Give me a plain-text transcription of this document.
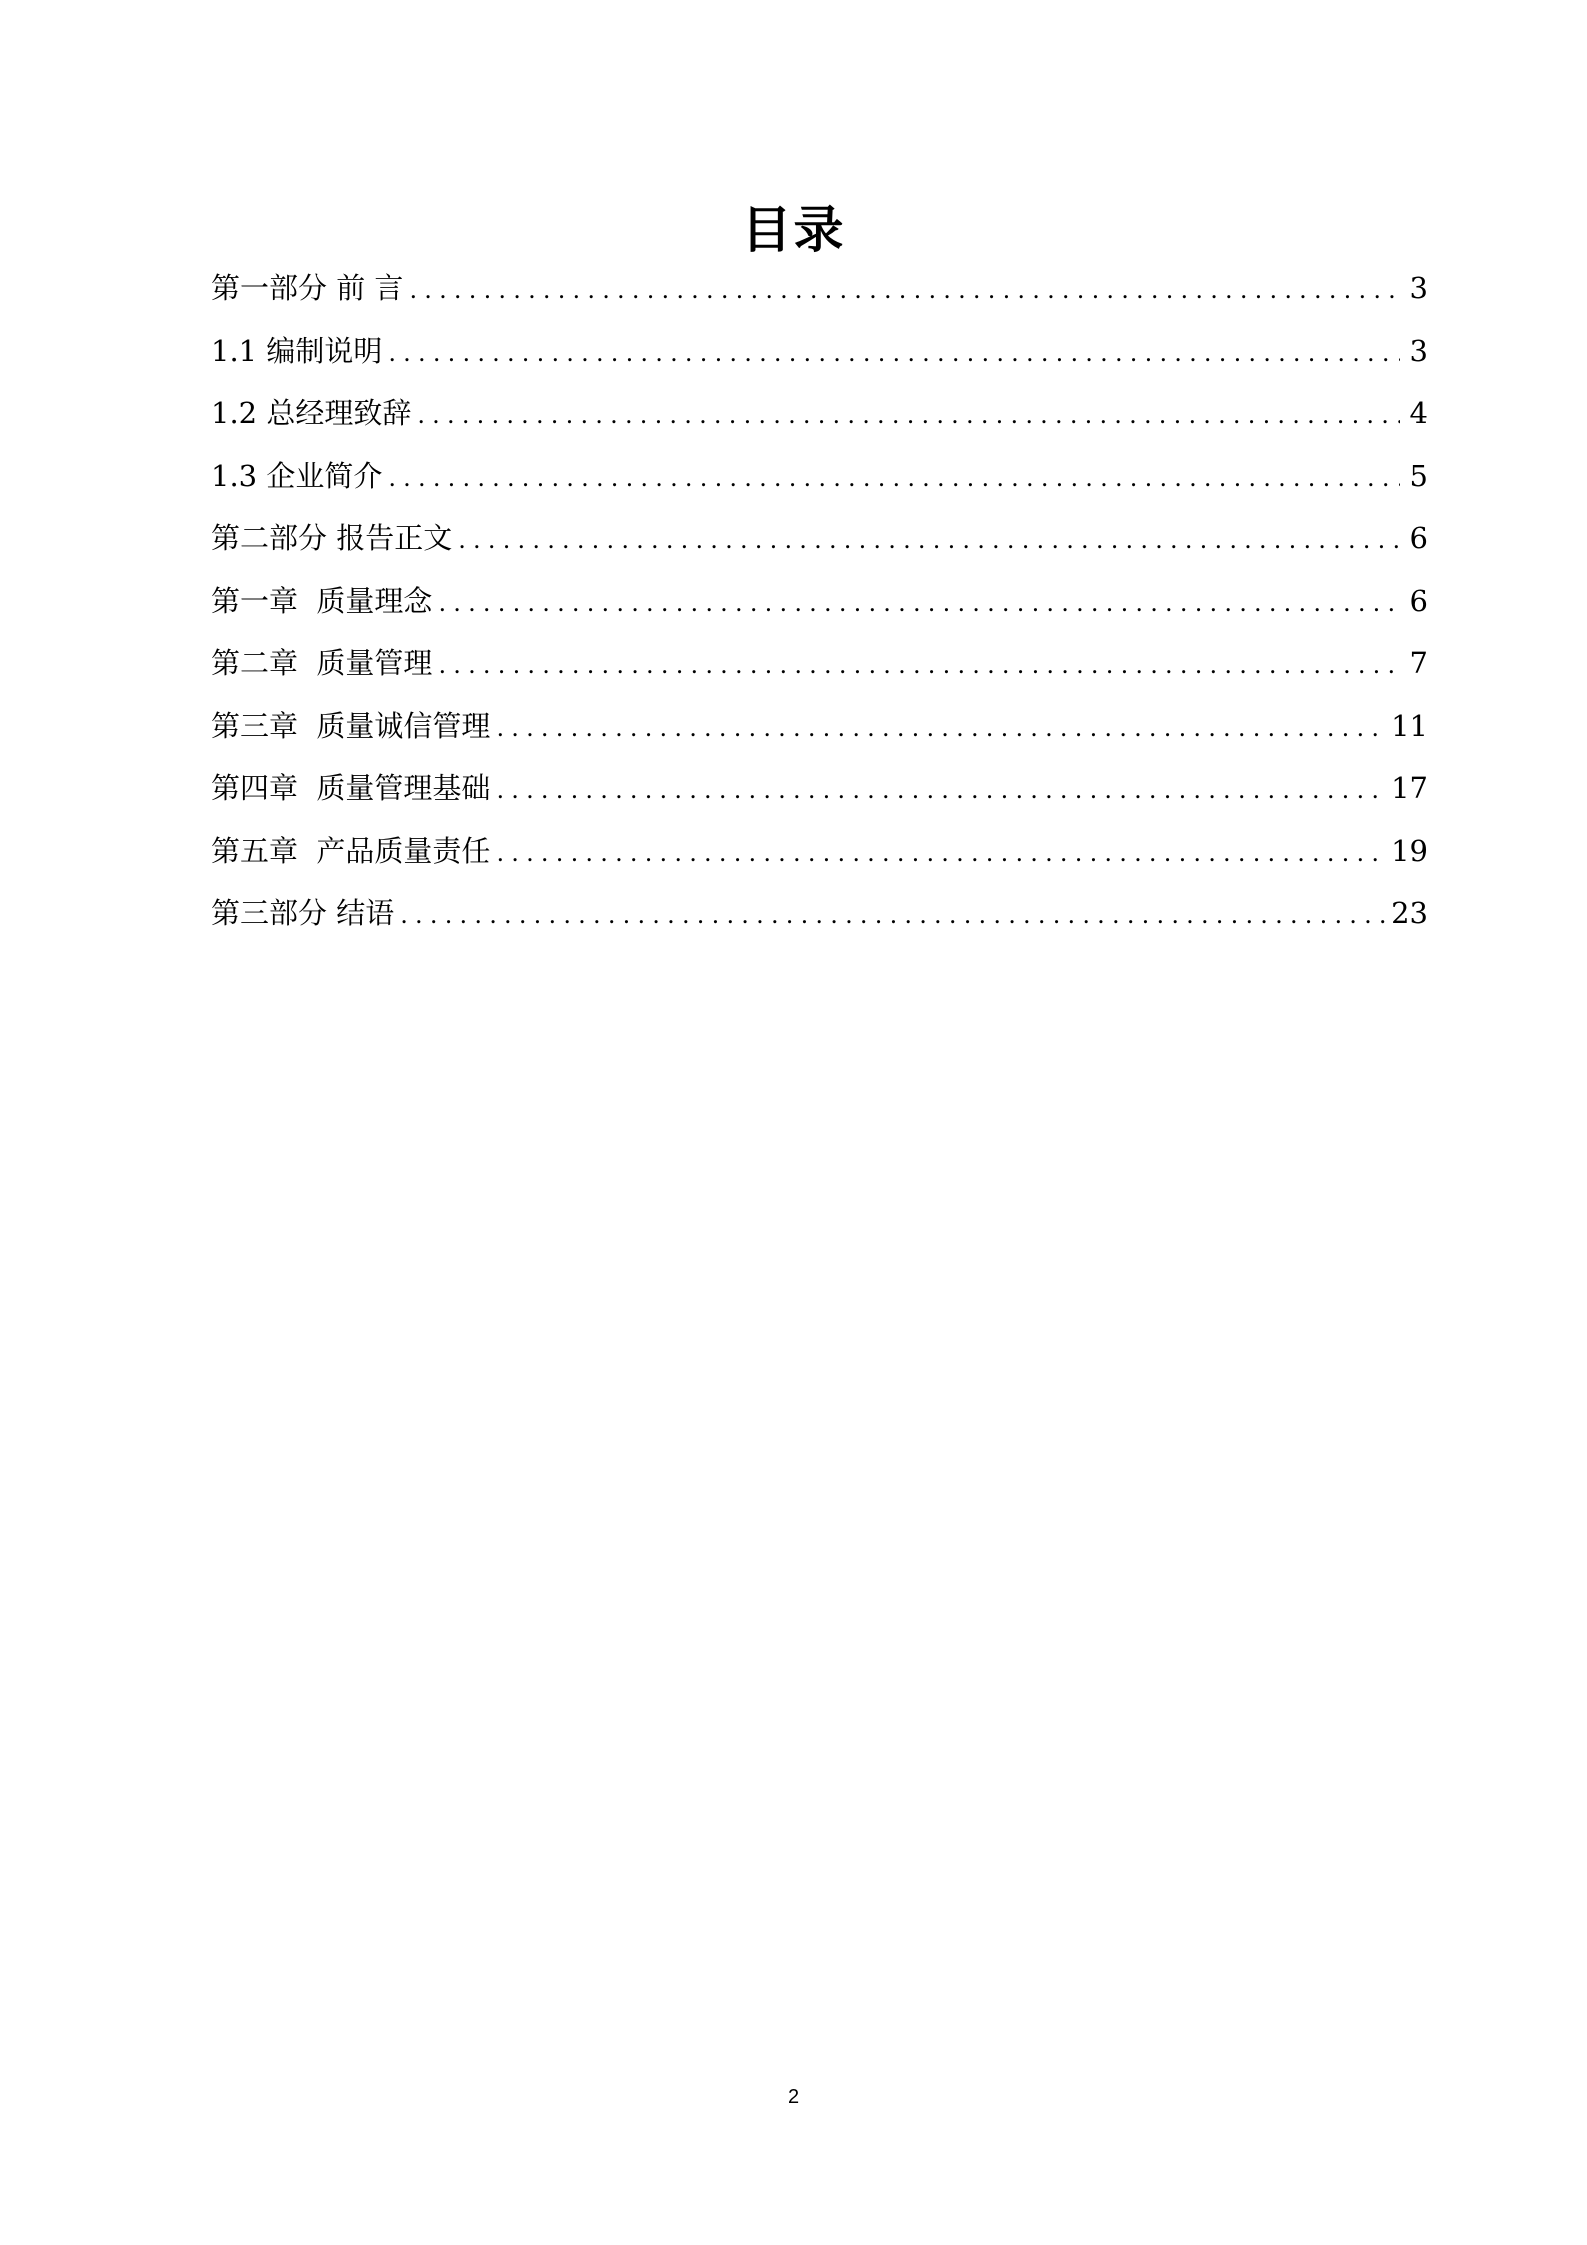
目录
第一部分 前 言 .....	3
1.1 编制说明 .....	3
1.2 总经理致辞 .....	4
1.3 企业简介 .....	5
第二部分 报告正文 .....	6
第一章  质量理念 .....	6
第二章  质量管理 .....	7
第三章  质量诚信管理 .....	11
第四章  质量管理基础 .....	17
第五章  产品质量责任 .....	19
第三部分 结语 .....	23
2
